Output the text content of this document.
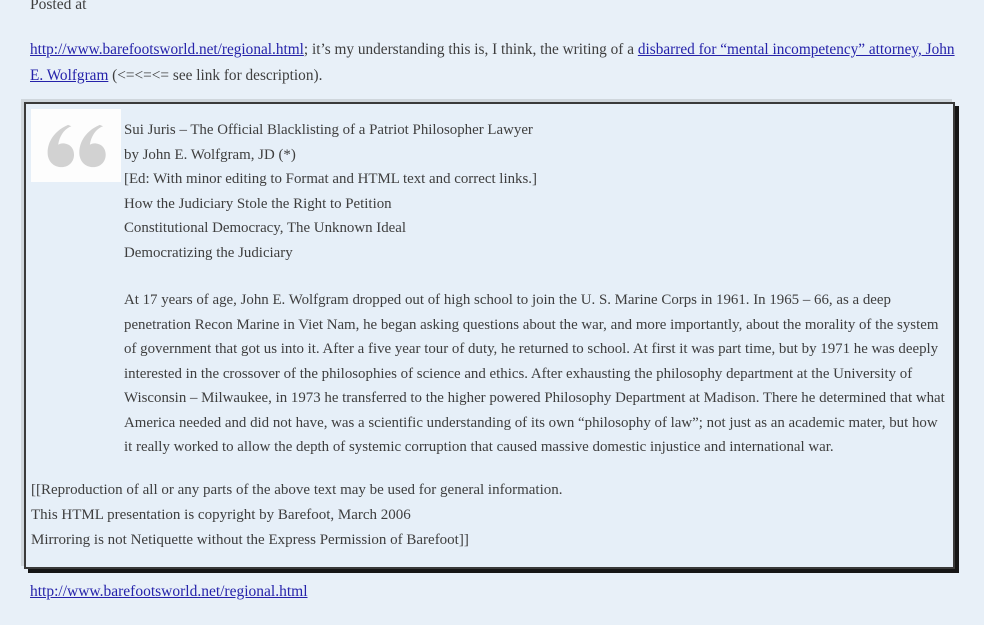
Posted at

http://www.barefootsworld.net/regional.html; it’s my understanding this is, I think, the writing of a disbarred for “mental incompetency” attorney, John E. Wolfgram (<=<=<= see link for description).

Sui Juris – The Official Blacklisting of a Patriot Philosopher Lawyer
by John E. Wolfgram, JD (*)
[Ed: With minor editing to Format and HTML text and correct links.]
How the Judiciary Stole the Right to Petition
Constitutional Democracy, The Unknown Ideal
Democratizing the Judiciary

At 17 years of age, John E. Wolfgram dropped out of high school to join the U. S. Marine Corps in 1961. In 1965 – 66, as a deep penetration Recon Marine in Viet Nam, he began asking questions about the war, and more importantly, about the morality of the system of government that got us into it. After a five year tour of duty, he returned to school. At first it was part time, but by 1971 he was deeply interested in the crossover of the philosophies of science and ethics. After exhausting the philosophy department at the University of Wisconsin – Milwaukee, in 1973 he transferred to the higher powered Philosophy Department at Madison. There he determined that what America needed and did not have, was a scientific understanding of its own “philosophy of law”; not just as an academic mater, but how it really worked to allow the depth of systemic corruption that caused massive domestic injustice and international war.

[[Reproduction of all or any parts of the above text may be used for general information.
This HTML presentation is copyright by Barefoot, March 2006
Mirroring is not Netiquette without the Express Permission of Barefoot]]
http://www.barefootsworld.net/regional.html
